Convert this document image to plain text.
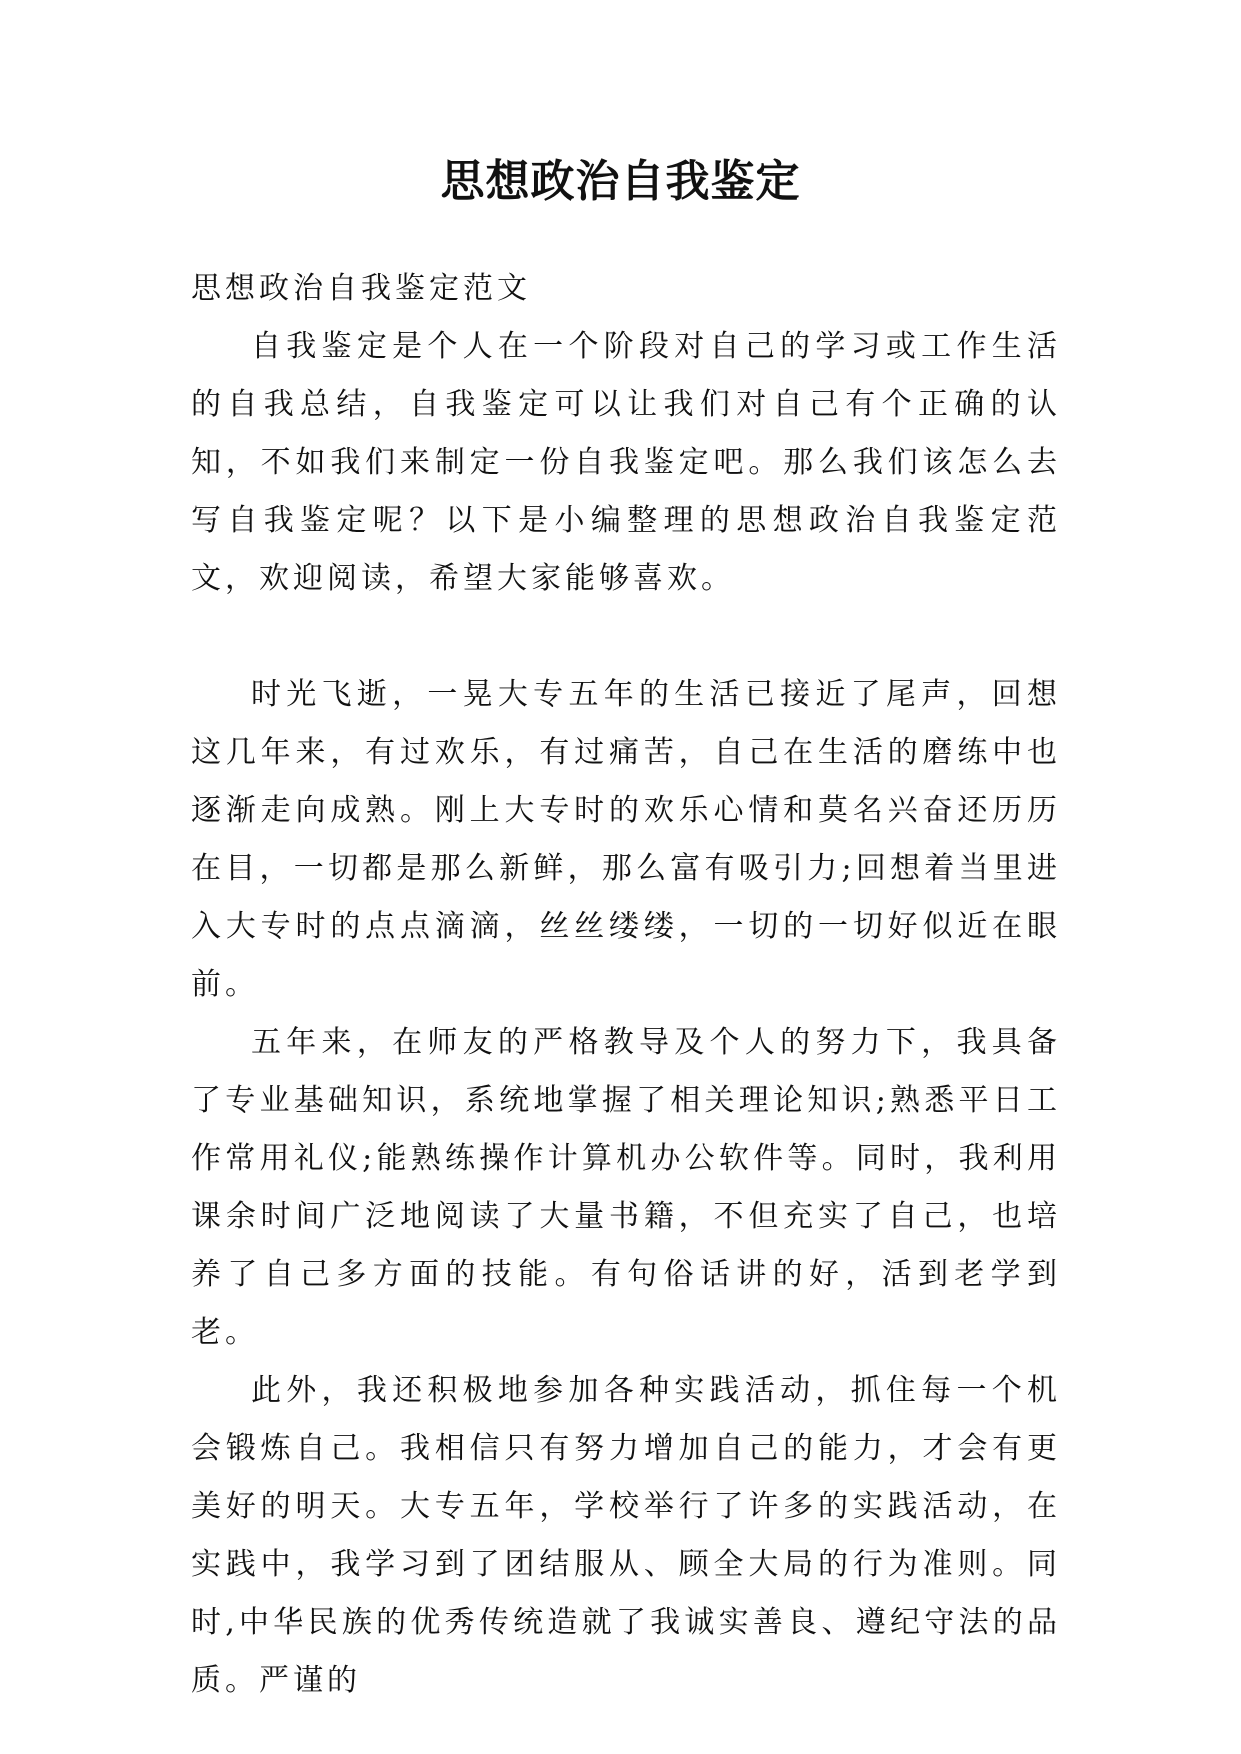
思想政治自我鉴定

思想政治自我鉴定范文

自我鉴定是个人在一个阶段对自己的学习或工作生活的自我总结，自我鉴定可以让我们对自己有个正确的认知，不如我们来制定一份自我鉴定吧。那么我们该怎么去写自我鉴定呢？以下是小编整理的思想政治自我鉴定范文，欢迎阅读，希望大家能够喜欢。

时光飞逝，一晃大专五年的生活已接近了尾声，回想这几年来，有过欢乐，有过痛苦，自己在生活的磨练中也逐渐走向成熟。刚上大专时的欢乐心情和莫名兴奋还历历在目，一切都是那么新鲜，那么富有吸引力;回想着当里进入大专时的点点滴滴，丝丝缕缕，一切的一切好似近在眼前。

五年来，在师友的严格教导及个人的努力下，我具备了专业基础知识，系统地掌握了相关理论知识;熟悉平日工作常用礼仪;能熟练操作计算机办公软件等。同时，我利用课余时间广泛地阅读了大量书籍，不但充实了自己，也培养了自己多方面的技能。有句俗话讲的好，活到老学到老。

此外，我还积极地参加各种实践活动，抓住每一个机会锻炼自己。我相信只有努力增加自己的能力，才会有更美好的明天。大专五年，学校举行了许多的实践活动，在实践中，我学习到了团结服从、顾全大局的行为准则。同时,中华民族的优秀传统造就了我诚实善良、遵纪守法的品质。严谨的
